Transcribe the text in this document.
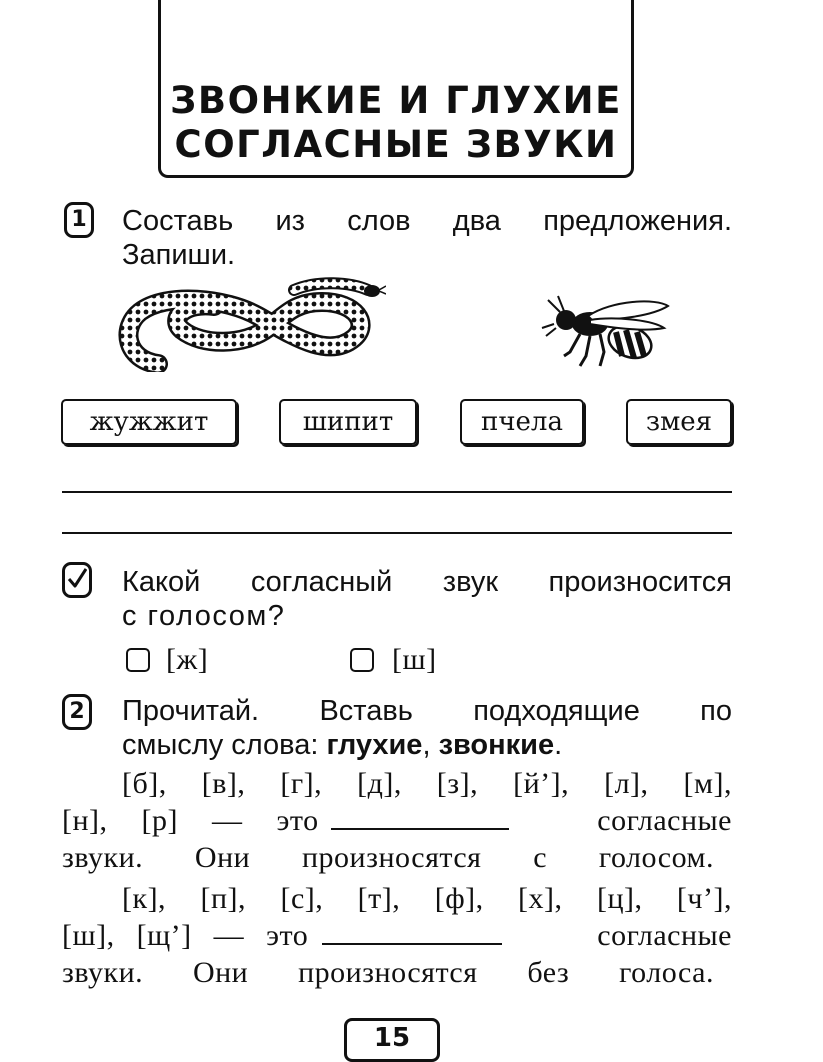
ЗВОНКИЕ И ГЛУХИЕ
СОГЛАСНЫЕ ЗВУКИ
1 Составь из слов два предложения.
Запиши.
жужжит	шипит	пчела	змея
Какой согласный звук произносится
с голосом?
[ж]	[ш]
2 Прочитай. Вставь подходящие по
смыслу слова: глухие, звонкие.
[б], [в], [г], [д], [з], [й’], [л], [м],
[н], [р] — это	согласные
звуки. Они произносятся с голосом.
[к], [п], [с], [т], [ф], [х], [ц], [ч’],
[ш], [щ’] — это	согласные
звуки. Они произносятся без голоса.
15
